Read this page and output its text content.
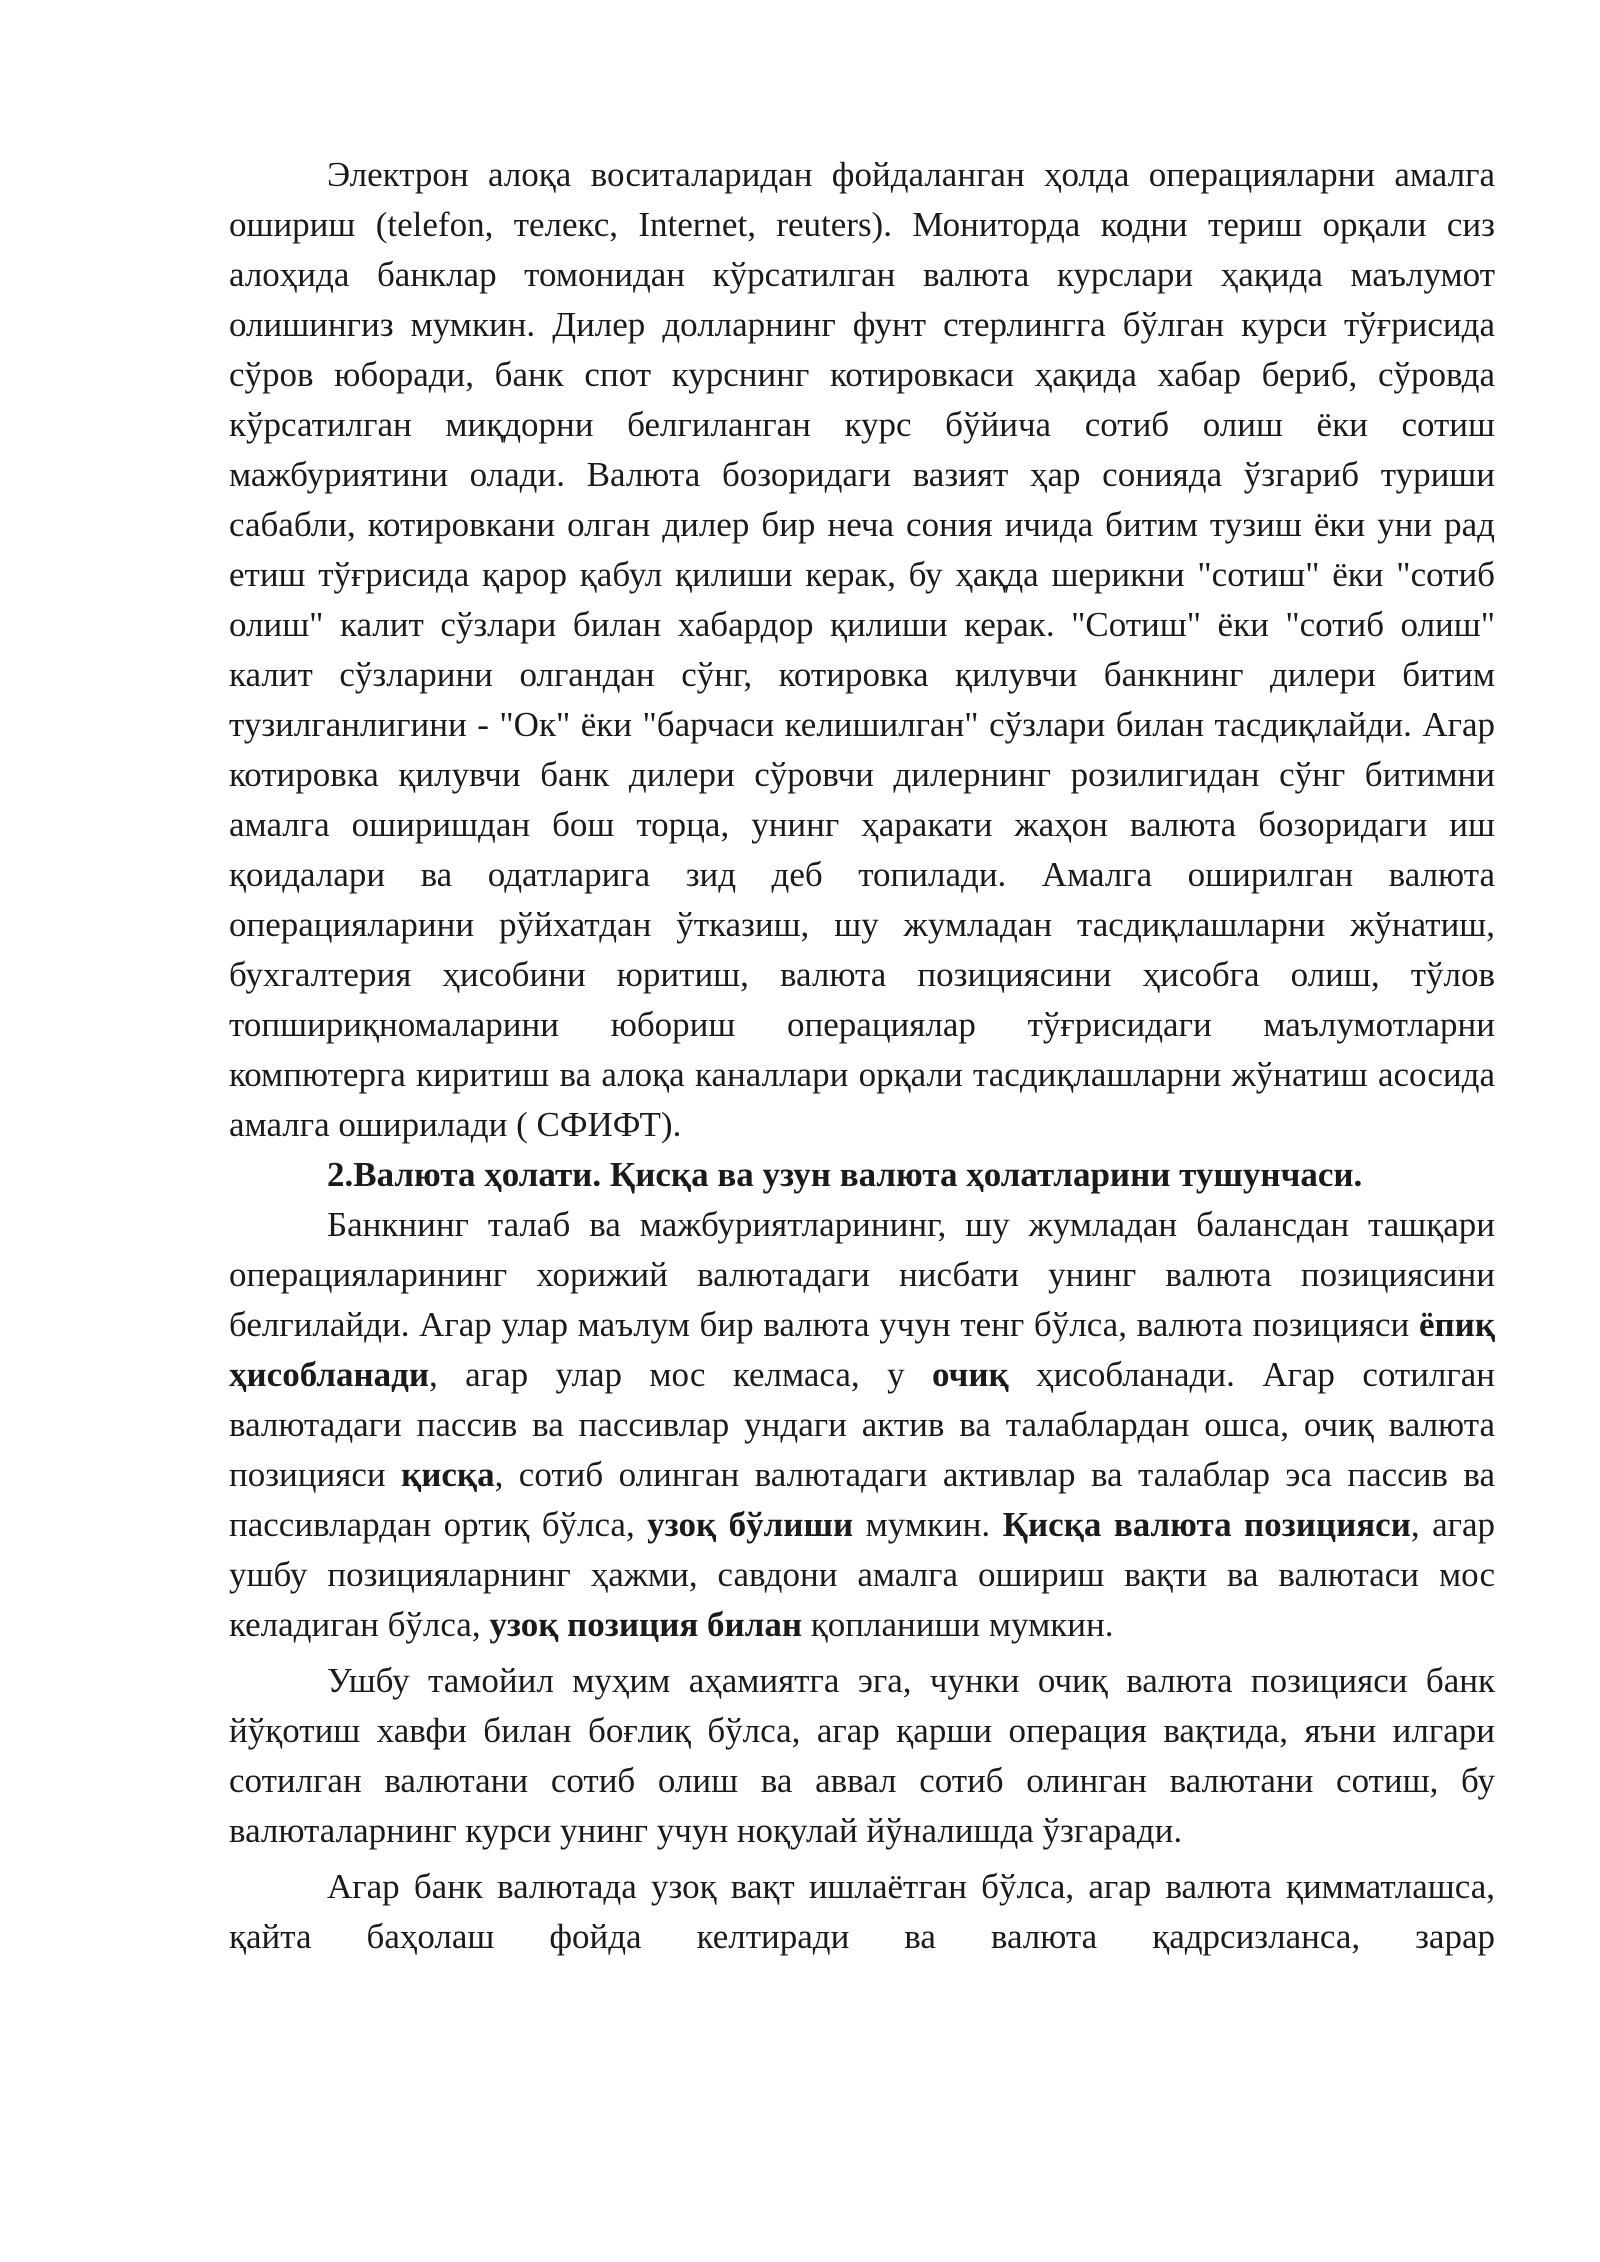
Электрон алоқа воситаларидан фойдаланган ҳолда операцияларни амалга ошириш (telefon, телекс, Internet, reuters). Мониторда кодни териш орқали сиз алоҳида банклар томонидан кўрсатилган валюта курслари ҳақида маълумот олишингиз мумкин. Дилер долларнинг фунт стерлингга бўлган курси тўғрисида сўров юборади, банк спот курснинг котировкаси ҳақида хабар бериб, сўровда кўрсатилган миқдорни белгиланган курс бўйича сотиб олиш ёки сотиш мажбуриятини олади. Валюта бозоридаги вазият ҳар сонияда ўзгариб туриши сабабли, котировкани олган дилер бир неча сония ичида битим тузиш ёки уни рад етиш тўғрисида қарор қабул қилиши керак, бу ҳақда шерикни "сотиш" ёки "сотиб олиш" калит сўзлари билан хабардор қилиши керак. "Сотиш" ёки "сотиб олиш" калит сўзларини олгандан сўнг, котировка қилувчи банкнинг дилери битим тузилганлигини - "Ок" ёки "барчаси келишилган" сўзлари билан тасдиқлайди. Агар котировка қилувчи банк дилери сўровчи дилернинг розилигидан сўнг битимни амалга оширишдан бош торца, унинг ҳаракати жаҳон валюта бозоридаги иш қоидалари ва одатларига зид деб топилади. Амалга оширилган валюта операцияларини рўйхатдан ўтказиш, шу жумладан тасдиқлашларни жўнатиш, бухгалтерия ҳисобини юритиш, валюта позициясини ҳисобга олиш, тўлов топшириқномаларини юбориш операциялар тўғрисидаги маълумотларни компютерга киритиш ва алоқа каналлари орқали тасдиқлашларни жўнатиш асосида амалга оширилади ( СФИФТ).

2.Валюта ҳолати. Қисқа ва узун валюта ҳолатларини тушунчаси.

Банкнинг талаб ва мажбуриятларининг, шу жумладан балансдан ташқари операцияларининг хорижий валютадаги нисбати унинг валюта позициясини белгилайди. Агар улар маълум бир валюта учун тенг бўлса, валюта позицияси ёпиқ ҳисобланади, агар улар мос келмаса, у очиқ ҳисобланади. Агар сотилган валютадаги пассив ва пассивлар ундаги актив ва талаблардан ошса, очиқ валюта позицияси қисқа, сотиб олинган валютадаги активлар ва талаблар эса пассив ва пассивлардан ортиқ бўлса, узоқ бўлиши мумкин. Қисқа валюта позицияси, агар ушбу позицияларнинг ҳажми, савдони амалга ошириш вақти ва валютаси мос келадиган бўлса, узоқ позиция билан қопланиши мумкин.

Ушбу тамойил муҳим аҳамиятга эга, чунки очиқ валюта позицияси банк йўқотиш хавфи билан боғлиқ бўлса, агар қарши операция вақтида, яъни илгари сотилган валютани сотиб олиш ва аввал сотиб олинган валютани сотиш, бу валюталарнинг курси унинг учун ноқулай йўналишда ўзгаради.

Агар банк валютада узоқ вақт ишлаётган бўлса, агар валюта қимматлашса, қайта баҳолаш фойда келтиради ва валюта қадрсизланса, зарар
